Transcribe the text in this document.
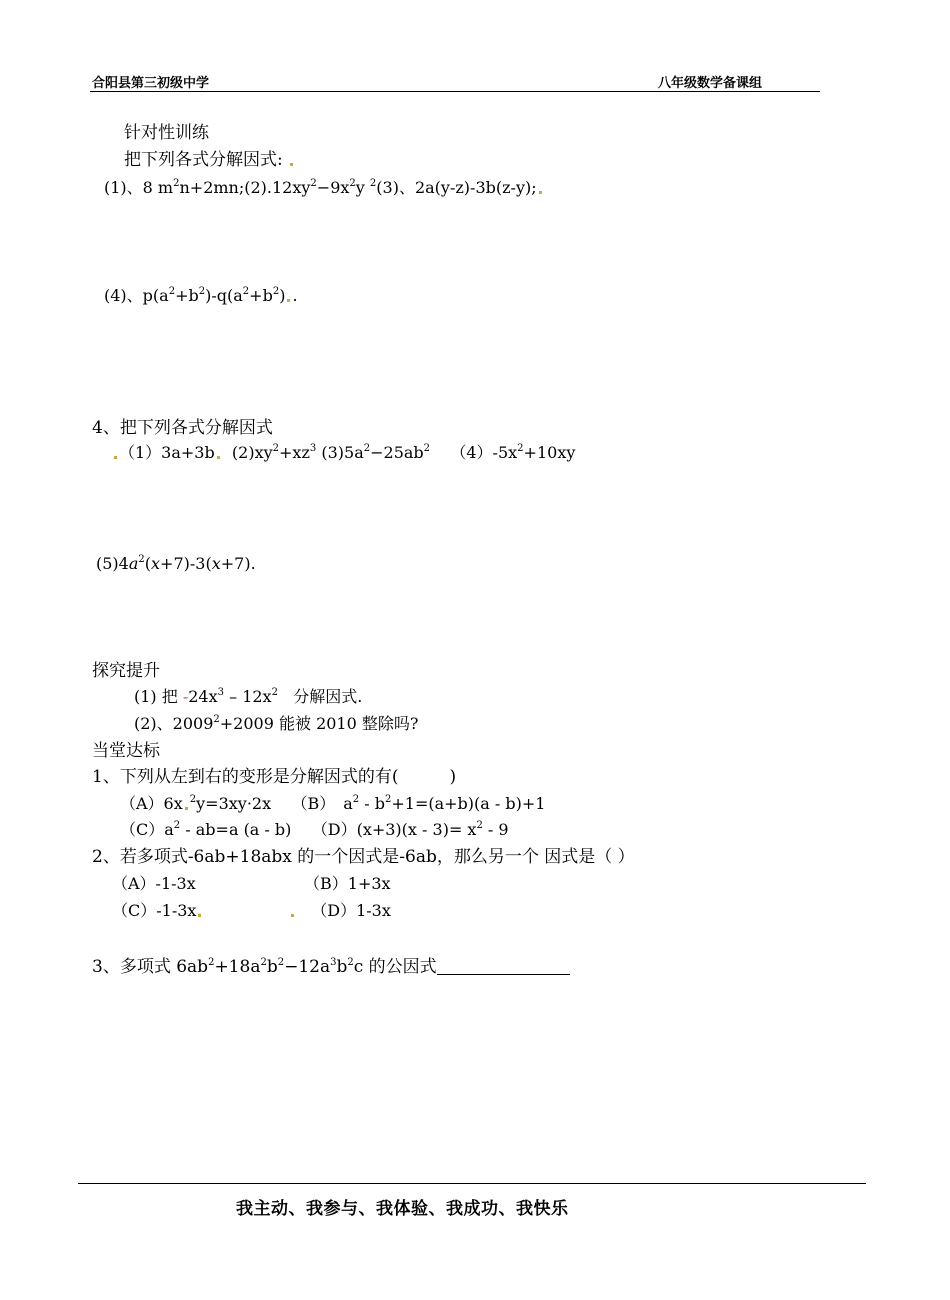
合阳县第三初级中学	八年级数学备课组
针对性训练
把下列各式分解因式:
(1)、8 $m^2n+2mn;(2).12xy^2-9x^2y$ $^2$(3)、2a(y-z)-3b(z-y);
(4)、$p(a^2+b^2)-q(a^2+b^2)$ .
4、把下列各式分解因式
（1）3a+3b $(2)xy^2+xz^3$ $(3)5a^2-25ab^2$ $(4)-5x^2+10xy$
$(5)4a^2(x+7)-3(x+7)$.
探究提升
(1) 把 $-24x^3 - 12x^2$   分解因式.
(2)、$2009^2+2009$ 能被 2010 整除吗?
当堂达标
1、下列从左到右的变形是分解因式的有(　　　)
（A）6x $^2$y=3xy·2x （B）　$a^2 - b^2+1=(a+b)(a - b)+1$
$(C)a^2 - ab=a$ (a - b) $(D)(x+3)(x - 3)= x^2 - 9$
2、若多项式-6ab+18abx 的一个因式是-6ab，那么另一个 因式是（ ）
（A）-1-3x	（B）1+3x
（C）-1-3x	（D）1-3x
3、多项式 $6ab^2+18a^2b^2-12a^3b^2c$ 的公因式
我主动、我参与、我体验、我成功、我快乐
